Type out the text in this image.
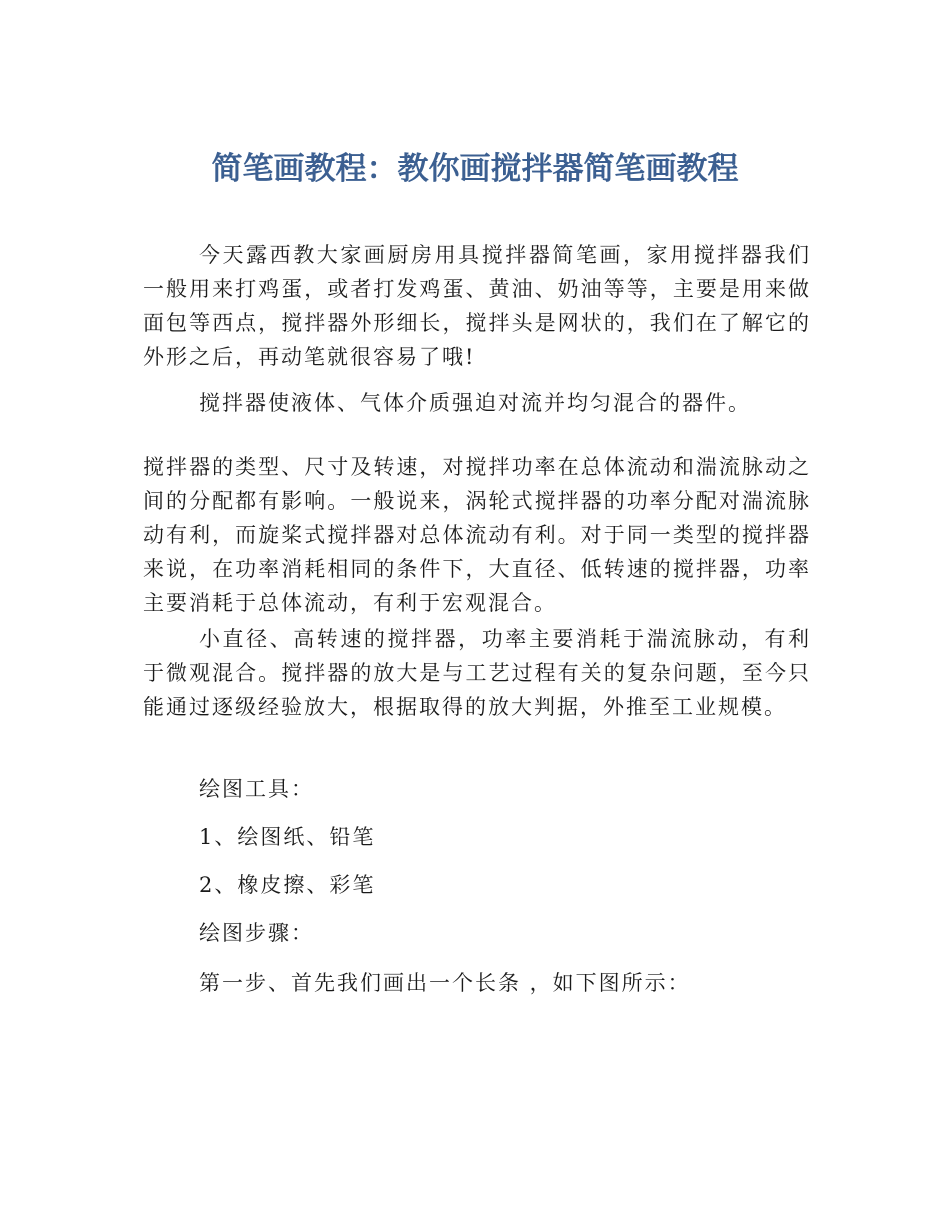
简笔画教程：教你画搅拌器简笔画教程

今天露西教大家画厨房用具搅拌器简笔画，家用搅拌器我们一般用来打鸡蛋，或者打发鸡蛋、黄油、奶油等等，主要是用来做面包等西点，搅拌器外形细长，搅拌头是网状的，我们在了解它的外形之后，再动笔就很容易了哦!

搅拌器使液体、气体介质强迫对流并均匀混合的器件。

搅拌器的类型、尺寸及转速，对搅拌功率在总体流动和湍流脉动之间的分配都有影响。一般说来，涡轮式搅拌器的功率分配对湍流脉动有利，而旋桨式搅拌器对总体流动有利。对于同一类型的搅拌器来说，在功率消耗相同的条件下，大直径、低转速的搅拌器，功率主要消耗于总体流动，有利于宏观混合。

小直径、高转速的搅拌器，功率主要消耗于湍流脉动，有利于微观混合。搅拌器的放大是与工艺过程有关的复杂问题，至今只能通过逐级经验放大，根据取得的放大判据，外推至工业规模。

绘图工具：

1、绘图纸、铅笔

2、橡皮擦、彩笔

绘图步骤：

第一步、首先我们画出一个长条 ，如下图所示：
